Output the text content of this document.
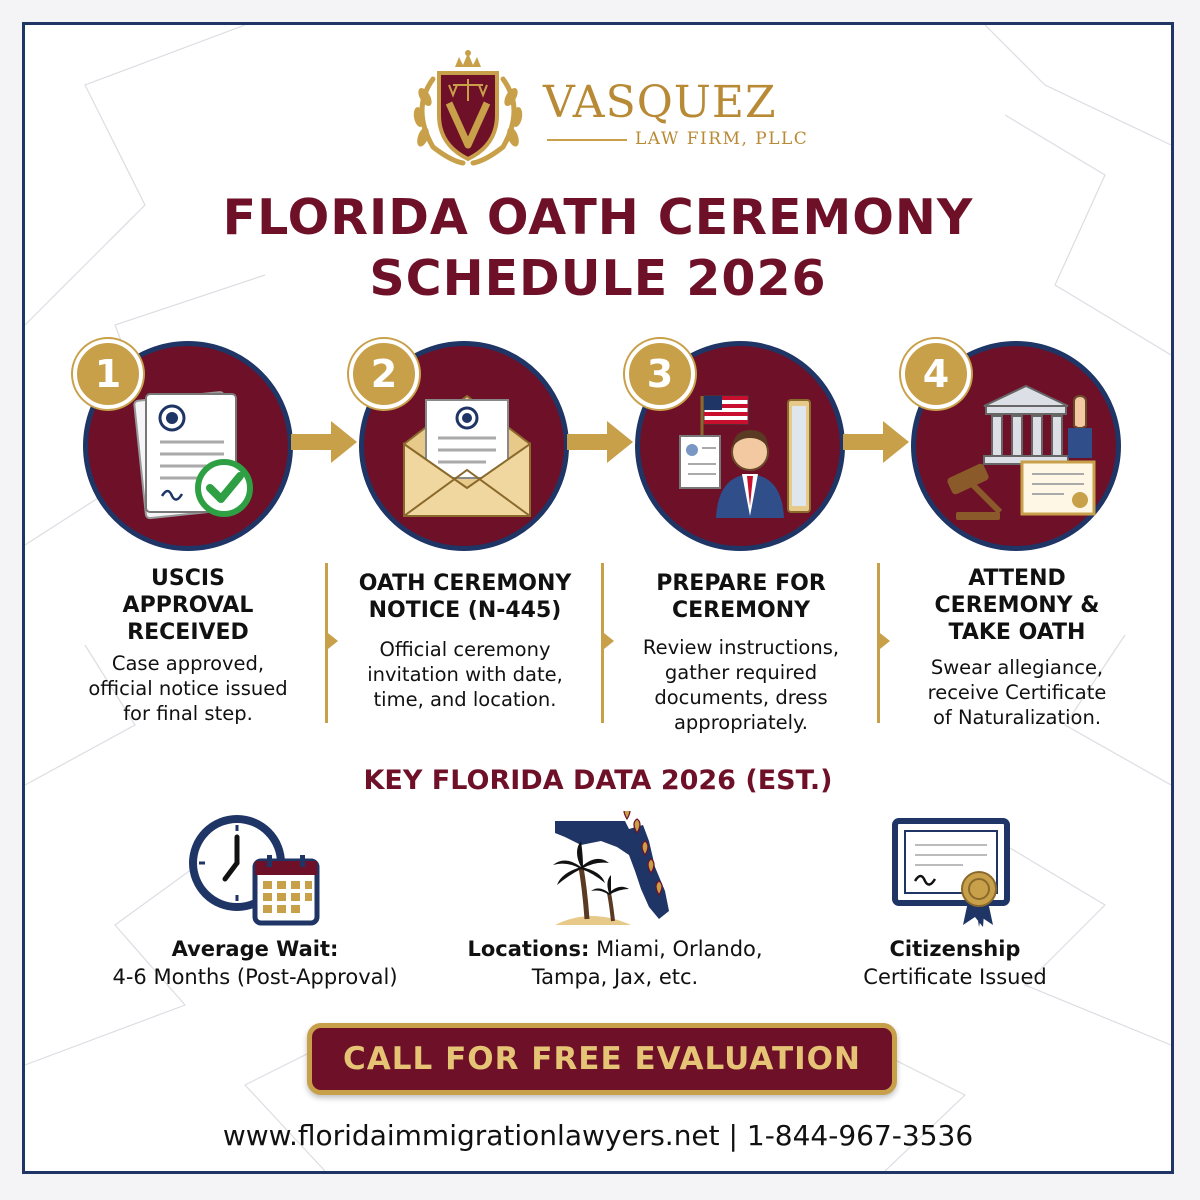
VASQUEZ
LAW FIRM, PLLC
FLORIDA OATH CEREMONY
SCHEDULE 2026
1	2	3	4
USCIS
APPROVAL
RECEIVED
Case approved,
official notice issued
for final step.
OATH CEREMONY
NOTICE (N-445)
Official ceremony
invitation with date,
time, and location.
PREPARE FOR
CEREMONY
Review instructions,
gather required
documents, dress
appropriately.
ATTEND
CEREMONY &
TAKE OATH
Swear allegiance,
receive Certificate
of Naturalization.
KEY FLORIDA DATA 2026 (EST.)
Average Wait:
4-6 Months (Post-Approval)
Locations: Miami, Orlando,
Tampa, Jax, etc.
Citizenship
Certificate Issued
CALL FOR FREE EVALUATION
www.floridaimmigrationlawyers.net | 1-844-967-3536
